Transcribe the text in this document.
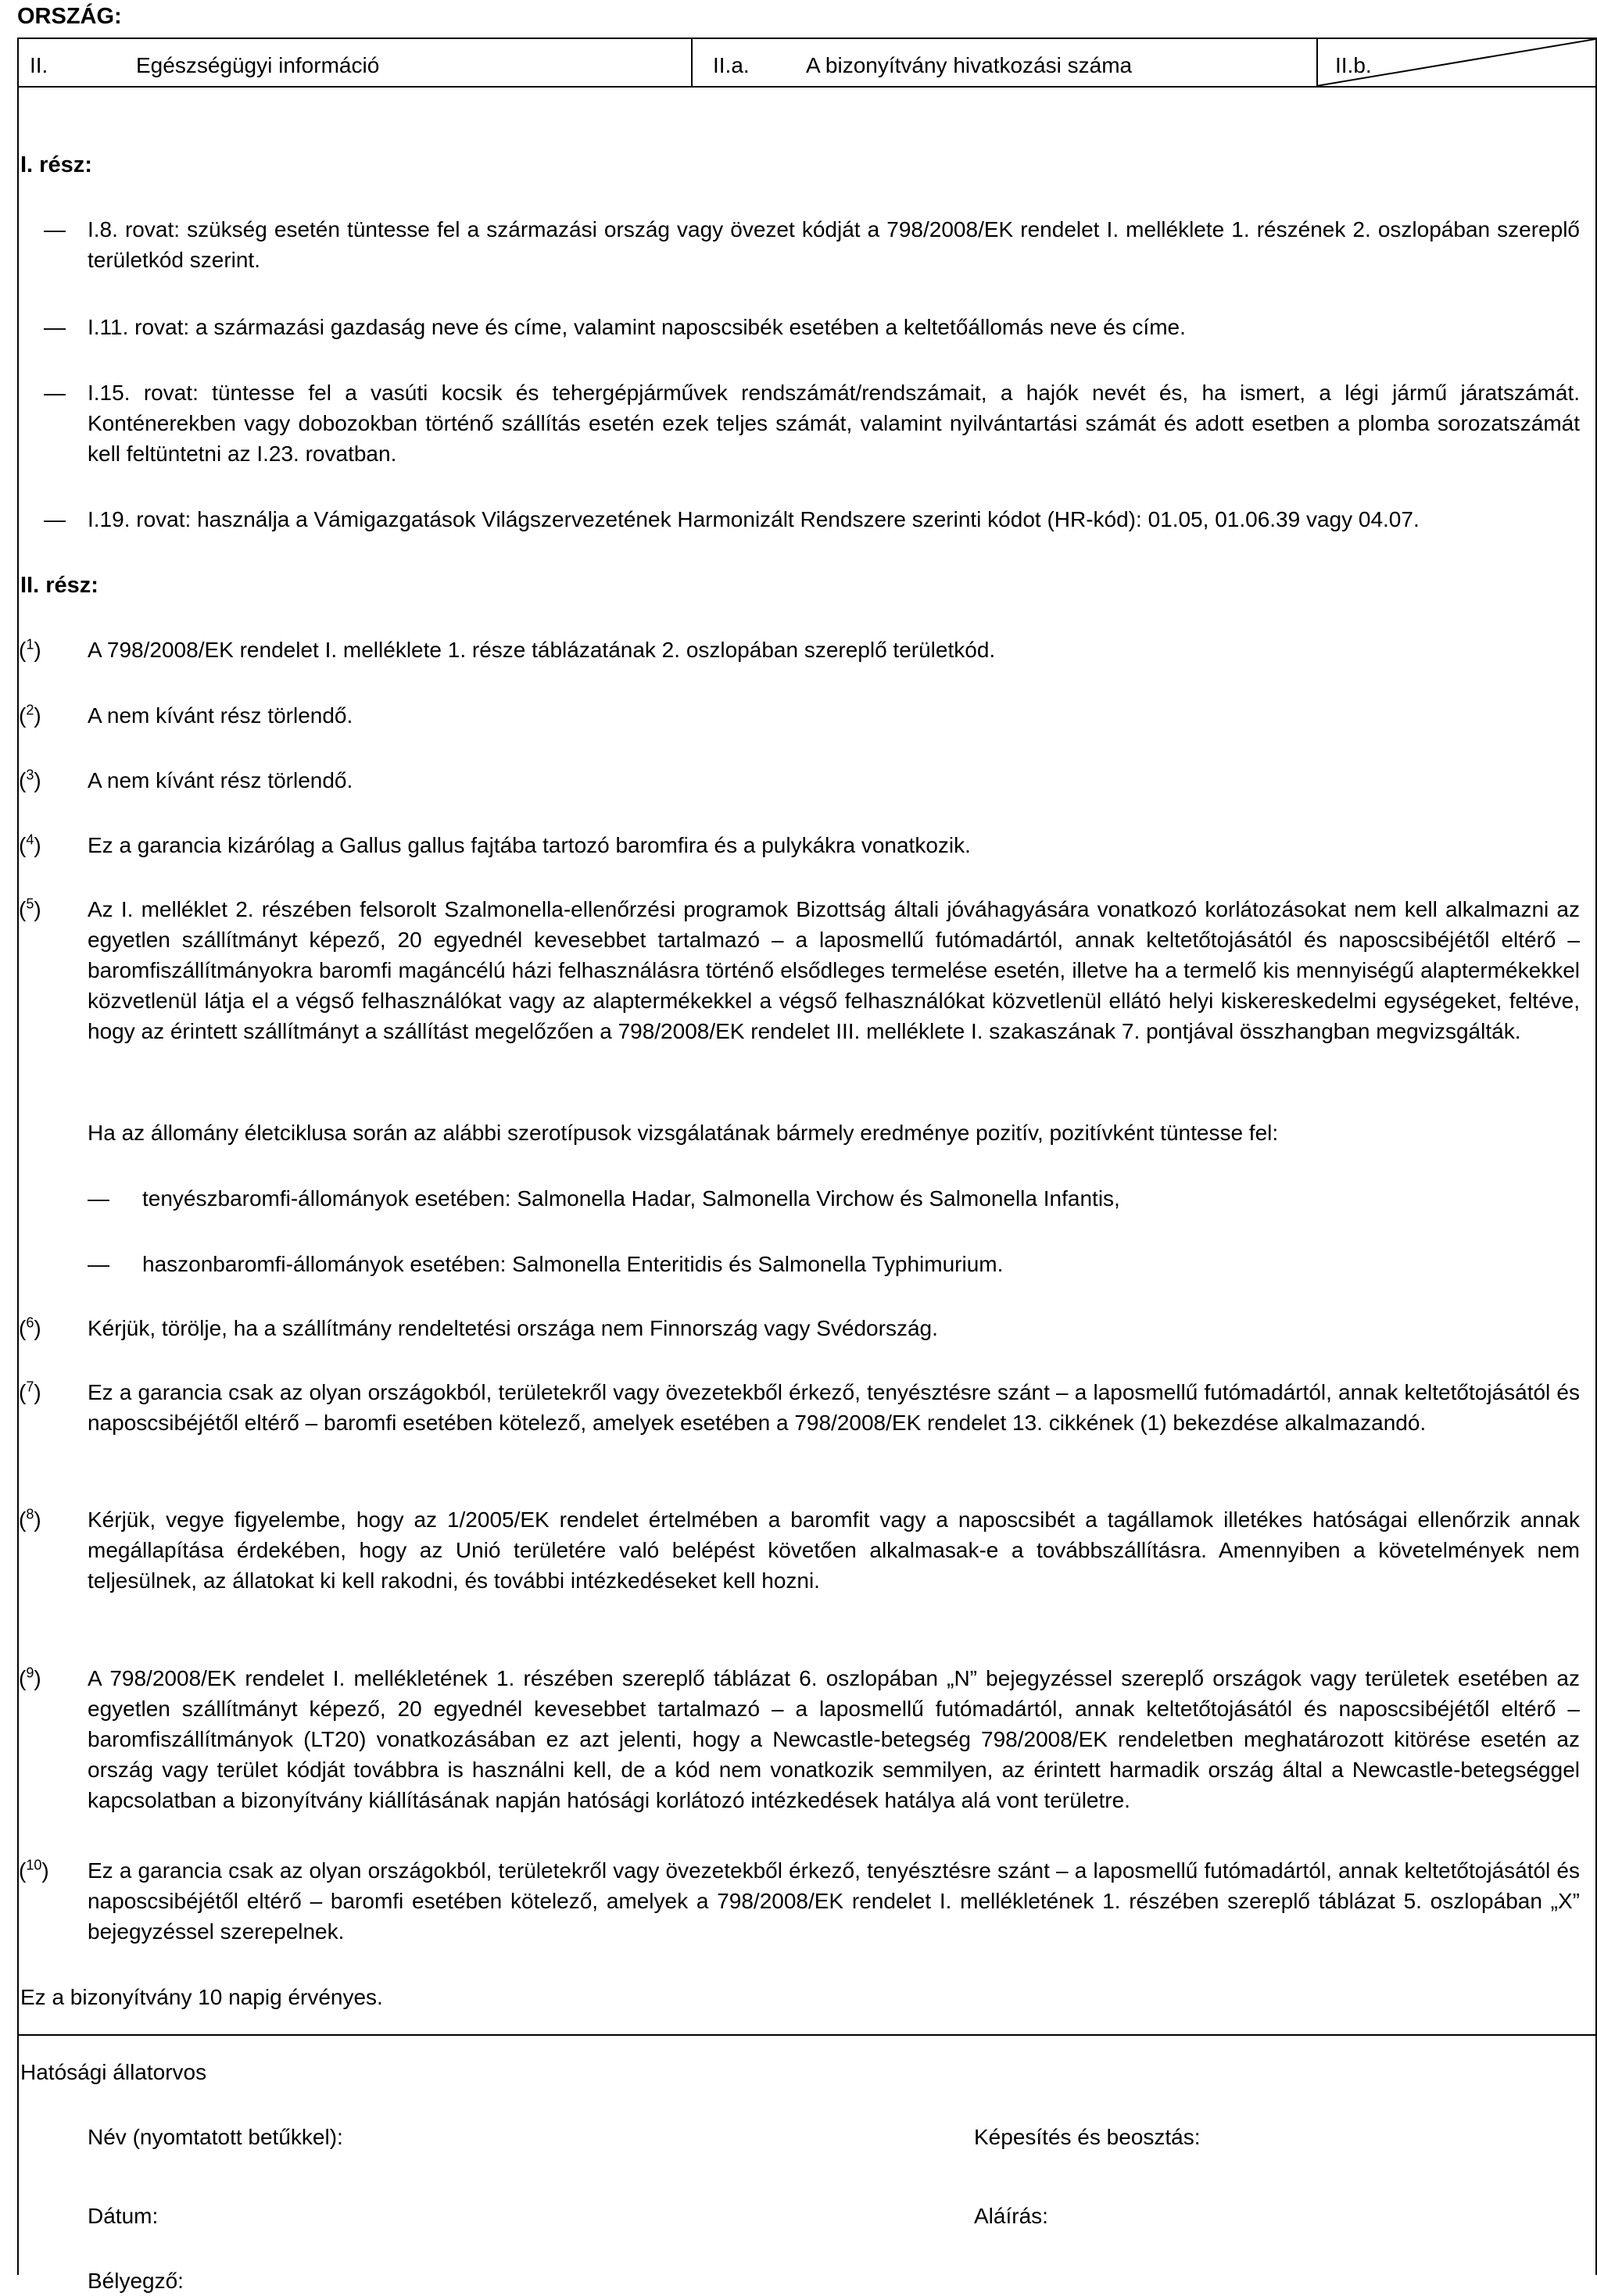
ORSZÁG:
II.	Egészségügyi információ	II.a.	A bizonyítvány hivatkozási száma	II.b.
I. rész:
— I.8. rovat: szükség esetén tüntesse fel a származási ország vagy övezet kódját a 798/2008/EK rendelet I. melléklete 1. részének 2. oszlopában szereplő területkód szerint.
— I.11. rovat: a származási gazdaság neve és címe, valamint naposcsibék esetében a keltetőállomás neve és címe.
— I.15. rovat: tüntesse fel a vasúti kocsik és tehergépjárművek rendszámát/rendszámait, a hajók nevét és, ha ismert, a légi jármű járatszámát. Konténerekben vagy dobozokban történő szállítás esetén ezek teljes számát, valamint nyilvántartási számát és adott esetben a plomba sorozatszámát kell feltüntetni az I.23. rovatban.
— I.19. rovat: használja a Vámigazgatások Világszervezetének Harmonizált Rendszere szerinti kódot (HR-kód): 01.05, 01.06.39 vagy 04.07.
II. rész:
($^1$) A 798/2008/EK rendelet I. melléklete 1. része táblázatának 2. oszlopában szereplő területkód.
($^2$) A nem kívánt rész törlendő.
($^3$) A nem kívánt rész törlendő.
($^4$) Ez a garancia kizárólag a Gallus gallus fajtába tartozó baromfira és a pulykákra vonatkozik.
($^5$) Az I. melléklet 2. részében felsorolt Szalmonella-ellenőrzési programok Bizottság általi jóváhagyására vonatkozó korlátozásokat nem kell alkalmazni az egyetlen szállítmányt képező, 20 egyednél kevesebbet tartalmazó – a laposmellű futómadártól, annak keltetőtojásától és naposcsibéjétől eltérő – baromfiszállítmányokra baromfi magáncélú házi felhasználásra történő elsődleges termelése esetén, illetve ha a termelő kis mennyiségű alaptermékekkel közvetlenül látja el a végső felhasználókat vagy az alaptermékekkel a végső felhasználókat közvetlenül ellátó helyi kiskereskedelmi egységeket, feltéve, hogy az érintett szállítmányt a szállítást megelőzően a 798/2008/EK rendelet III. melléklete I. szakaszának 7. pontjával összhangban megvizsgálták.
Ha az állomány életciklusa során az alábbi szerotípusok vizsgálatának bármely eredménye pozitív, pozitívként tüntesse fel:
— tenyészbaromfi-állományok esetében: Salmonella Hadar, Salmonella Virchow és Salmonella Infantis,
— haszonbaromfi-állományok esetében: Salmonella Enteritidis és Salmonella Typhimurium.
($^6$) Kérjük, törölje, ha a szállítmány rendeltetési országa nem Finnország vagy Svédország.
($^7$) Ez a garancia csak az olyan országokból, területekről vagy övezetekből érkező, tenyésztésre szánt – a laposmellű futómadártól, annak keltetőtojásától és naposcsibéjétől eltérő – baromfi esetében kötelező, amelyek esetében a 798/2008/EK rendelet 13. cikkének (1) bekezdése alkalmazandó.
($^8$) Kérjük, vegye figyelembe, hogy az 1/2005/EK rendelet értelmében a baromfit vagy a naposcsibét a tagállamok illetékes hatóságai ellenőrzik annak megállapítása érdekében, hogy az Unió területére való belépést követően alkalmasak-e a továbbszállításra. Amennyiben a követelmények nem teljesülnek, az állatokat ki kell rakodni, és további intézkedéseket kell hozni.
($^9$) A 798/2008/EK rendelet I. mellékletének 1. részében szereplő táblázat 6. oszlopában „N” bejegyzéssel szereplő országok vagy területek esetében az egyetlen szállítmányt képező, 20 egyednél kevesebbet tartalmazó – a laposmellű futómadártól, annak keltetőtojásától és naposcsibéjétől eltérő – baromfiszállítmányok (LT20) vonatkozásában ez azt jelenti, hogy a Newcastle-betegség 798/2008/EK rendeletben meghatározott kitörése esetén az ország vagy terület kódját továbbra is használni kell, de a kód nem vonatkozik semmilyen, az érintett harmadik ország által a Newcastle-betegséggel kapcsolatban a bizonyítvány kiállításának napján hatósági korlátozó intézkedések hatálya alá vont területre.
($^{10}$) Ez a garancia csak az olyan országokból, területekről vagy övezetekből érkező, tenyésztésre szánt – a laposmellű futómadártól, annak keltetőtojásától és naposcsibéjétől eltérő – baromfi esetében kötelező, amelyek a 798/2008/EK rendelet I. mellékletének 1. részében szereplő táblázat 5. oszlopában „X” bejegyzéssel szerepelnek.
Ez a bizonyítvány 10 napig érvényes.
Hatósági állatorvos
Név (nyomtatott betűkkel):	Képesítés és beosztás:
Dátum:	Aláírás:
Bélyegző:
